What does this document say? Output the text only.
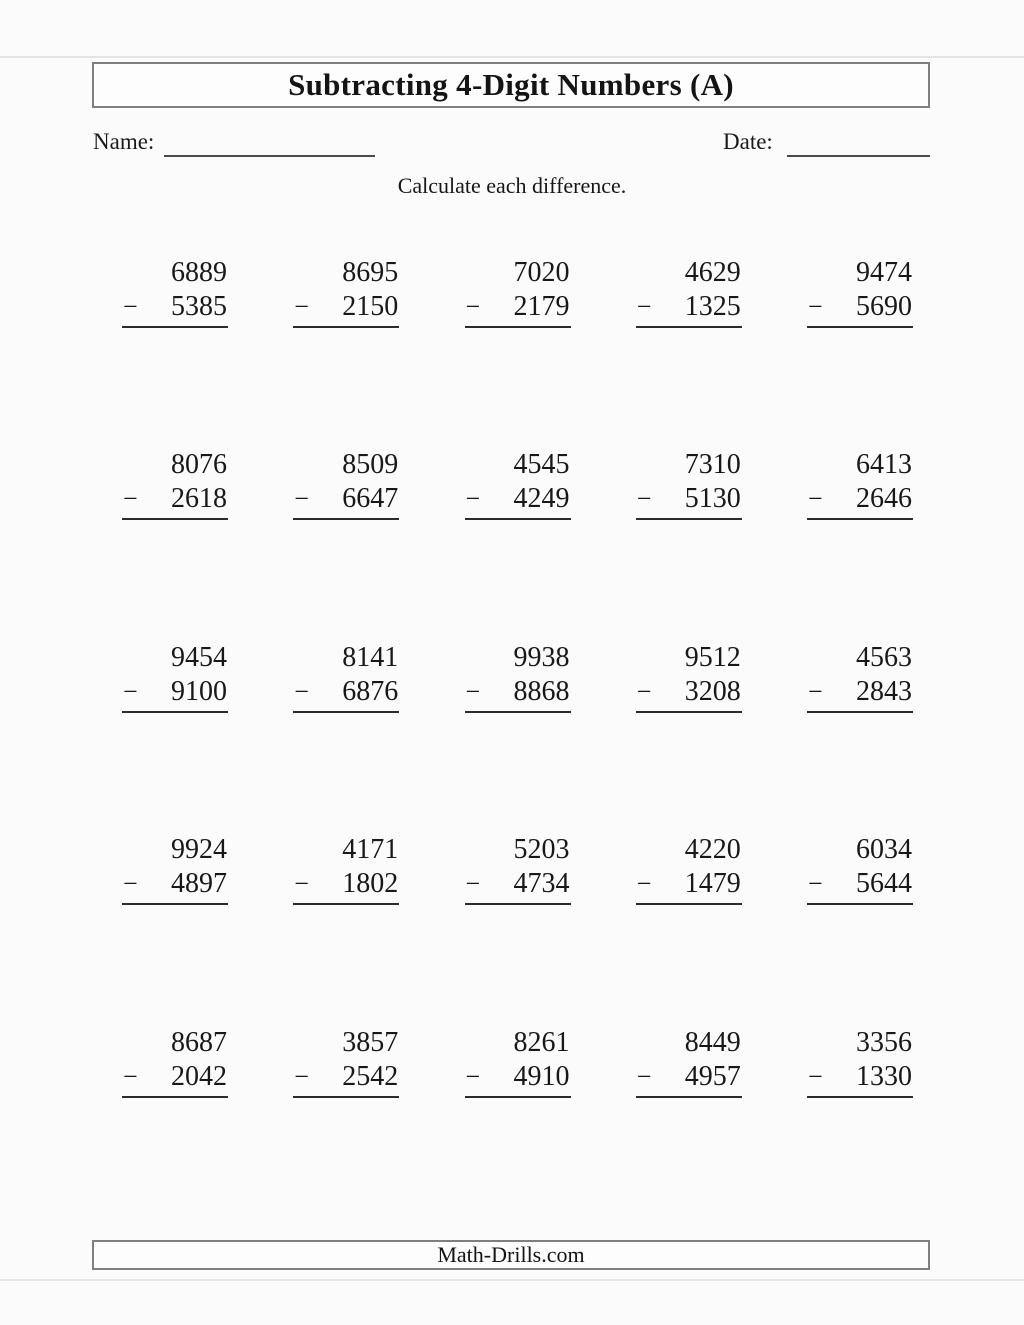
Subtracting 4-Digit Numbers (A)
Name:	Date:
Calculate each difference.
6889
− 5385
8695
− 2150
7020
− 2179
4629
− 1325
9474
− 5690
8076
− 2618
8509
− 6647
4545
− 4249
7310
− 5130
6413
− 2646
9454
− 9100
8141
− 6876
9938
− 8868
9512
− 3208
4563
− 2843
9924
− 4897
4171
− 1802
5203
− 4734
4220
− 1479
6034
− 5644
8687
− 2042
3857
− 2542
8261
− 4910
8449
− 4957
3356
− 1330
Math-Drills.com
